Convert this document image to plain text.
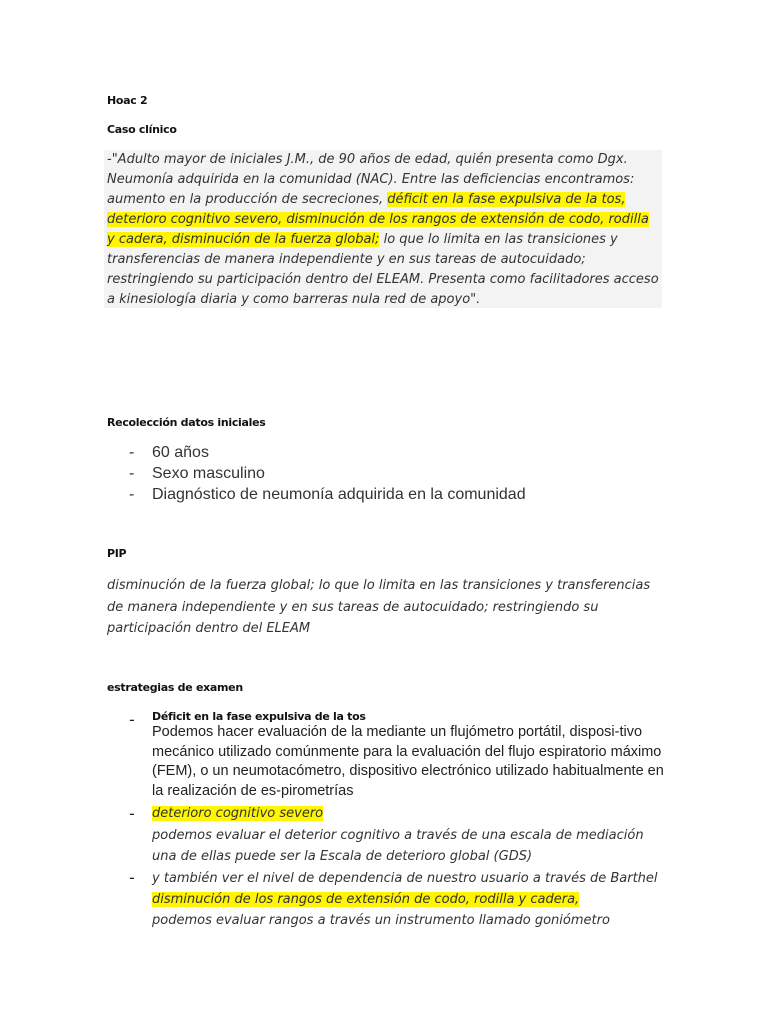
Hoac 2
Caso clínico
-"Adulto mayor de iniciales J.M., de 90 años de edad, quién presenta como Dgx. Neumonía adquirida en la comunidad (NAC). Entre las deficiencias encontramos: aumento en la producción de secreciones, déficit en la fase expulsiva de la tos, deterioro cognitivo severo, disminución de los rangos de extensión de codo, rodilla y cadera, disminución de la fuerza global; lo que lo limita en las transiciones y transferencias de manera independiente y en sus tareas de autocuidado; restringiendo su participación dentro del ELEAM. Presenta como facilitadores acceso a kinesiología diaria y como barreras nula red de apoyo".
Recolección datos iniciales
- 60 años
- Sexo masculino
- Diagnóstico de neumonía adquirida en la comunidad
PIP
disminución de la fuerza global; lo que lo limita en las transiciones y transferencias de manera independiente y en sus tareas de autocuidado; restringiendo su participación dentro del ELEAM
estrategias de examen
- Déficit en la fase expulsiva de la tos
Podemos hacer evaluación de la mediante un flujómetro portátil, disposi-tivo mecánico utilizado comúnmente para la evaluación del flujo espiratorio máximo (FEM), o un neumotacómetro, dispositivo electrónico utilizado habitualmente en la realización de es-pirometrías
- deterioro cognitivo severo
podemos evaluar el deterior cognitivo a través de una escala de mediación una de ellas puede ser la Escala de deterioro global (GDS)
- y también ver el nivel de dependencia de nuestro usuario a través de Barthel
disminución de los rangos de extensión de codo, rodilla y cadera,
podemos evaluar rangos a través un instrumento llamado goniómetro
